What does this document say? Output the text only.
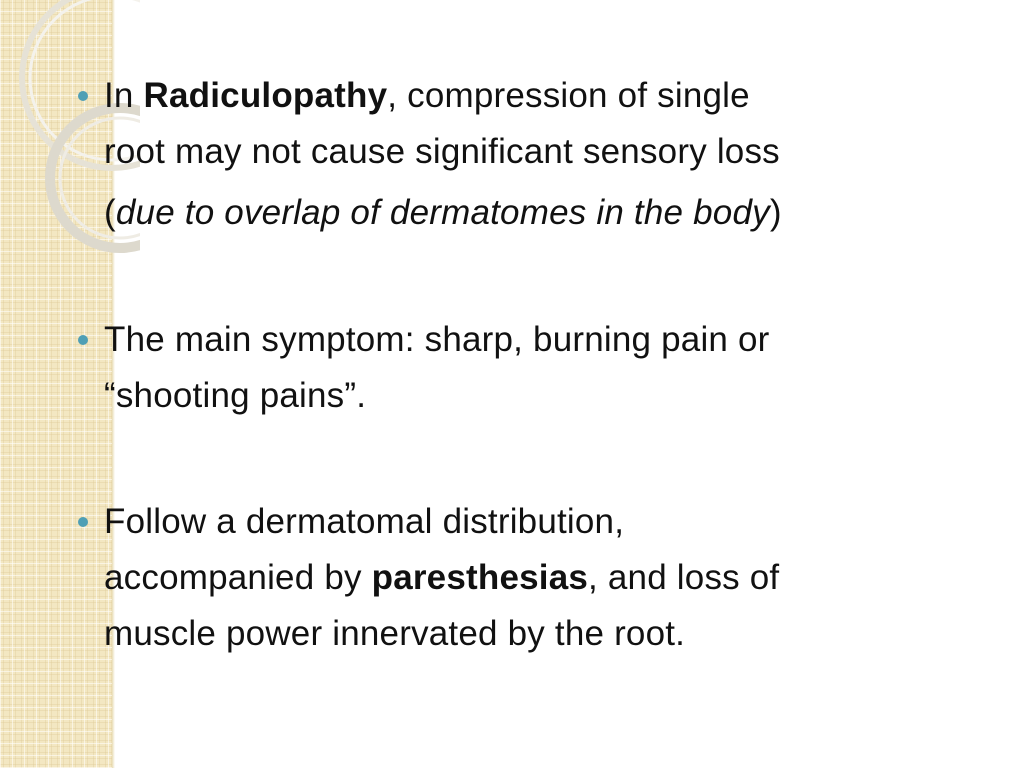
In Radiculopathy, compression of single
root may not cause significant sensory loss
(due to overlap of dermatomes in the body)
The main symptom: sharp, burning pain or
“shooting pains”.
Follow a dermatomal distribution,
accompanied by paresthesias, and loss of
muscle power innervated by the root.
